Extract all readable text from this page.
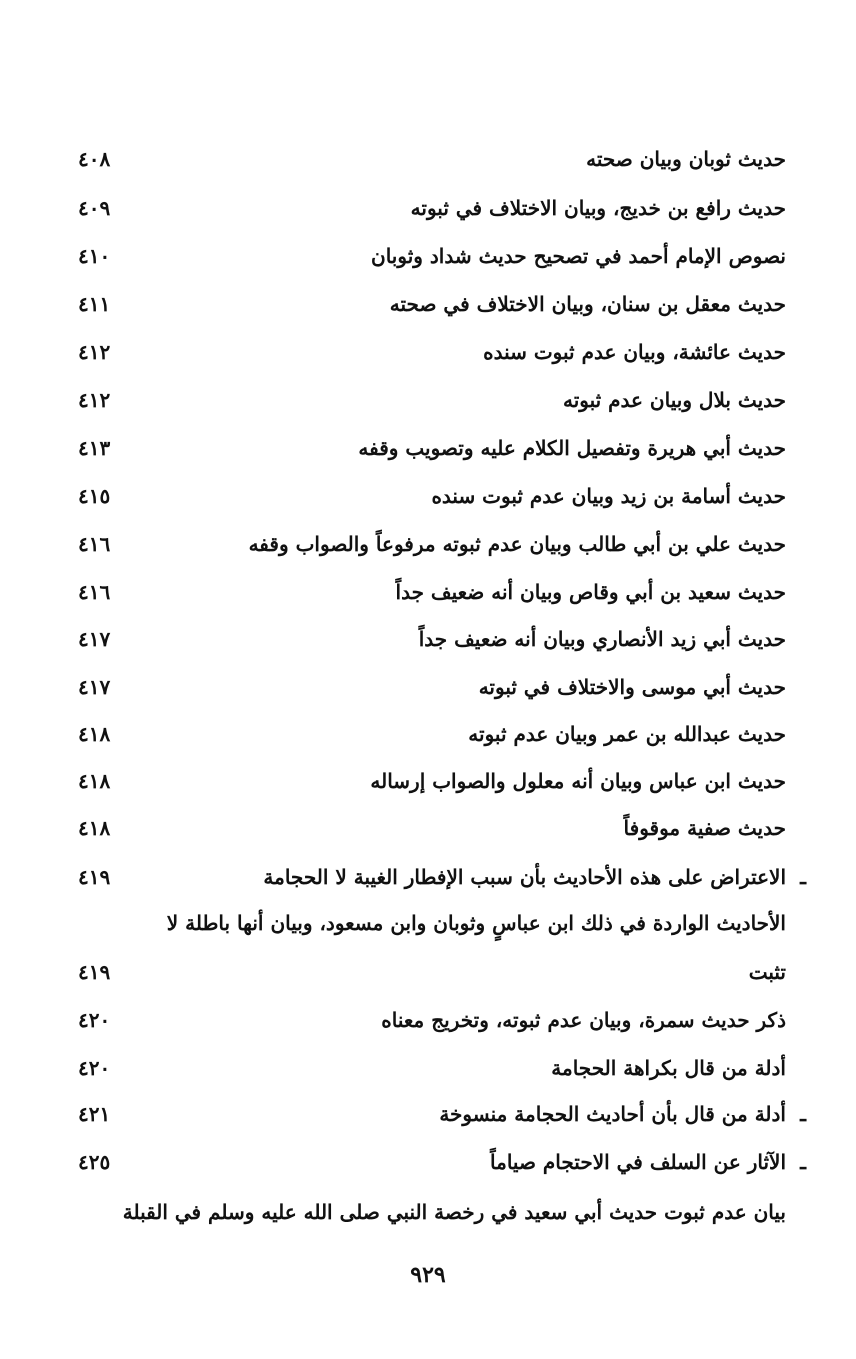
حديث ثوبان وبيان صحته
٤٠٨
حديث رافع بن خديج، وبيان الاختلاف في ثبوته
٤٠٩
نصوص الإمام أحمد في تصحيح حديث شداد وثوبان
٤١٠
حديث معقل بن سنان، وبيان الاختلاف في صحته
٤١١
حديث عائشة، وبيان عدم ثبوت سنده
٤١٢
حديث بلال وبيان عدم ثبوته
٤١٢
حديث أبي هريرة وتفصيل الكلام عليه وتصويب وقفه
٤١٣
حديث أسامة بن زيد وبيان عدم ثبوت سنده
٤١٥
حديث علي بن أبي طالب وبيان عدم ثبوته مرفوعاً والصواب وقفه
٤١٦
حديث سعيد بن أبي وقاص وبيان أنه ضعيف جداً
٤١٦
حديث أبي زيد الأنصاري وبيان أنه ضعيف جداً
٤١٧
حديث أبي موسى والاختلاف في ثبوته
٤١٧
حديث عبدالله بن عمر وبيان عدم ثبوته
٤١٨
حديث ابن عباس وبيان أنه معلول والصواب إرساله
٤١٨
حديث صفية موقوفاً
٤١٨
ـ
الاعتراض على هذه الأحاديث بأن سبب الإفطار الغيبة لا الحجامة
٤١٩
الأحاديث الواردة في ذلك ابن عباسٍ وثوبان وابن مسعود، وبيان أنها باطلة لا
تثبت
٤١٩
ذكر حديث سمرة، وبيان عدم ثبوته، وتخريج معناه
٤٢٠
أدلة من قال بكراهة الحجامة
٤٢٠
ـ
أدلة من قال بأن أحاديث الحجامة منسوخة
٤٢١
ـ
الآثار عن السلف في الاحتجام صياماً
٤٢٥
بيان عدم ثبوت حديث أبي سعيد في رخصة النبي صلى الله عليه وسلم في القبلة
٩٢٩
